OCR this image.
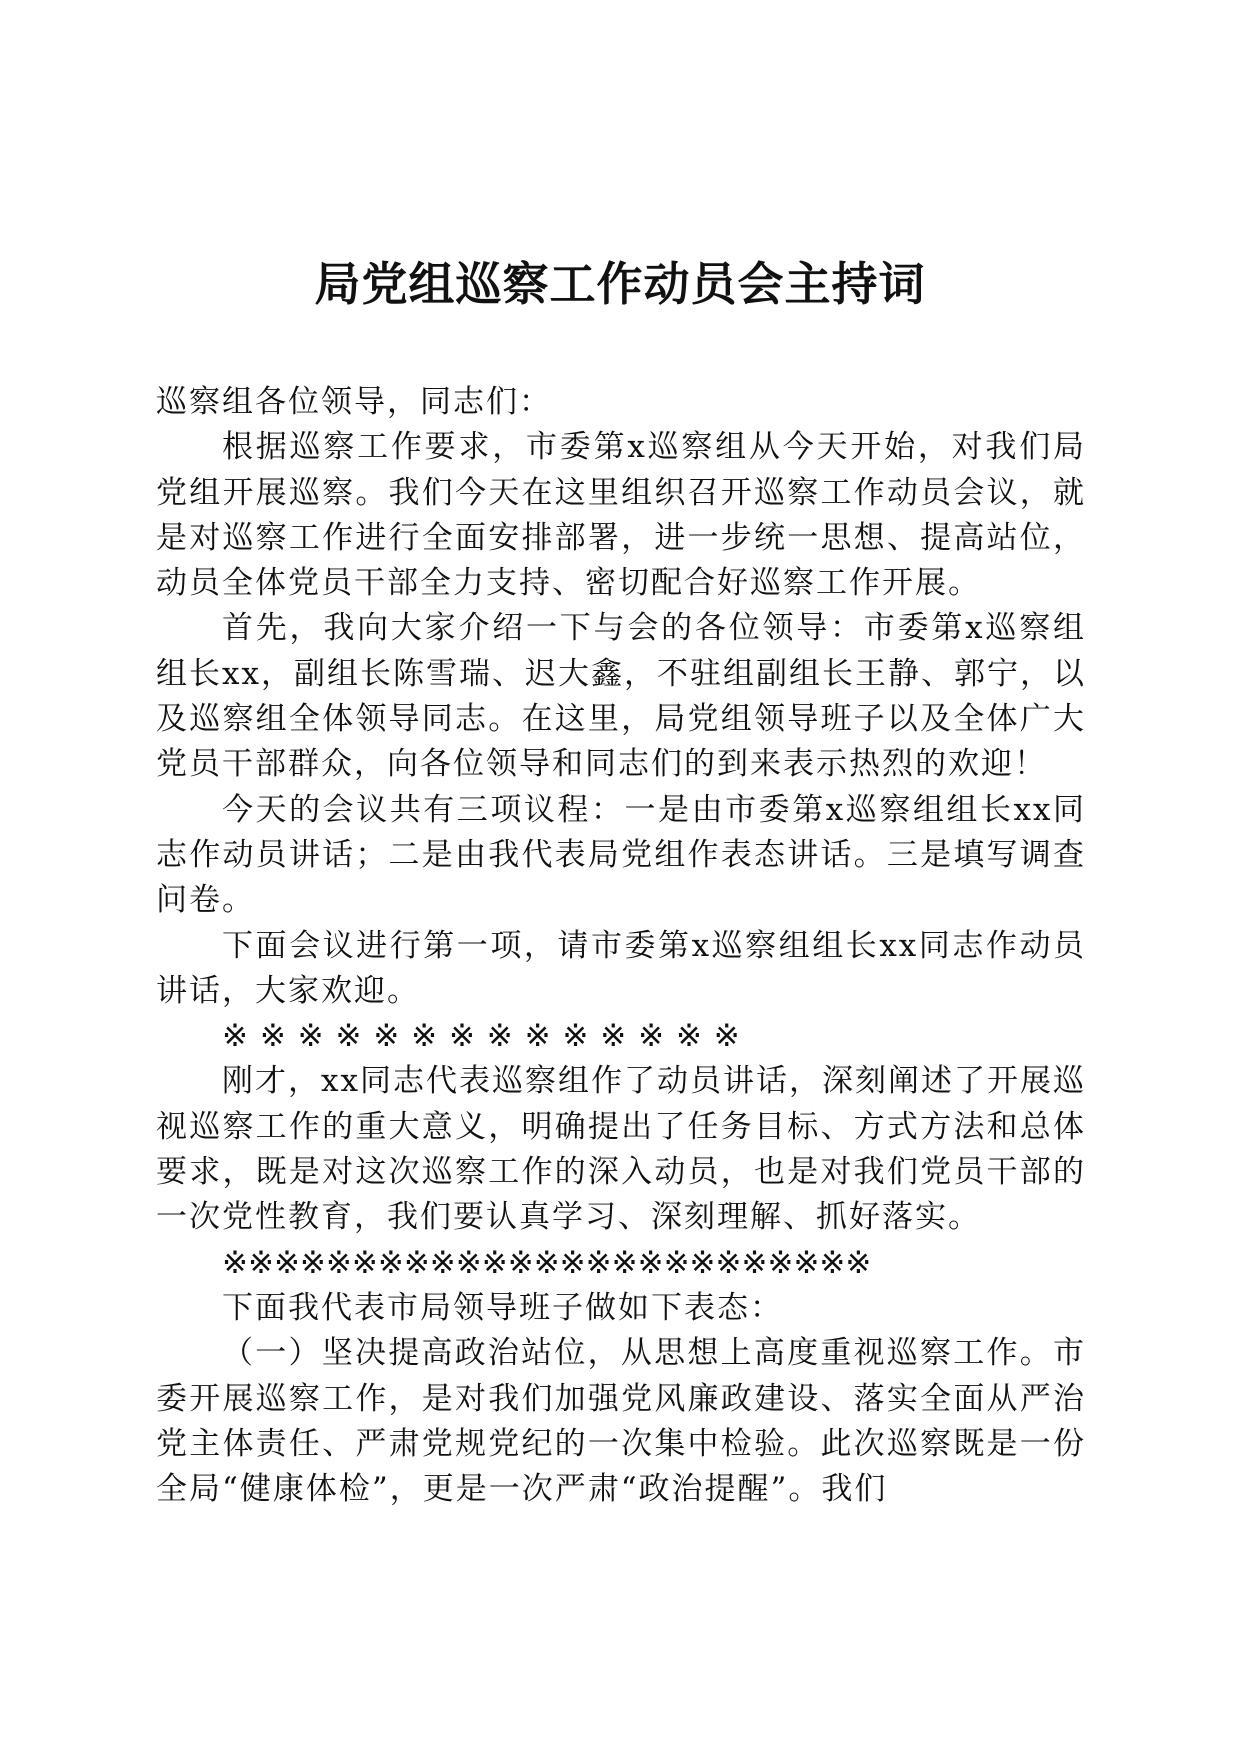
局党组巡察工作动员会主持词

巡察组各位领导，同志们：

根据巡察工作要求，市委第x巡察组从今天开始，对我们局党组开展巡察。我们今天在这里组织召开巡察工作动员会议，就是对巡察工作进行全面安排部署，进一步统一思想、提高站位，动员全体党员干部全力支持、密切配合好巡察工作开展。

首先，我向大家介绍一下与会的各位领导：市委第x巡察组组长xx，副组长陈雪瑞、迟大鑫，不驻组副组长王静、郭宁，以及巡察组全体领导同志。在这里，局党组领导班子以及全体广大党员干部群众，向各位领导和同志们的到来表示热烈的欢迎！

今天的会议共有三项议程：一是由市委第x巡察组组长xx同志作动员讲话；二是由我代表局党组作表态讲话。三是填写调查问卷。

下面会议进行第一项，请市委第x巡察组组长xx同志作动员讲话，大家欢迎。

※ ※ ※ ※ ※ ※ ※ ※ ※ ※ ※ ※ ※ ※

刚才，xx同志代表巡察组作了动员讲话，深刻阐述了开展巡视巡察工作的重大意义，明确提出了任务目标、方式方法和总体要求，既是对这次巡察工作的深入动员，也是对我们党员干部的一次党性教育，我们要认真学习、深刻理解、抓好落实。

※※※※※※※※※※※※※※※※※※※※※※※※※

下面我代表市局领导班子做如下表态：

（一）坚决提高政治站位，从思想上高度重视巡察工作。市委开展巡察工作，是对我们加强党风廉政建设、落实全面从严治党主体责任、严肃党规党纪的一次集中检验。此次巡察既是一份全局“健康体检”，更是一次严肃“政治提醒”。我们
